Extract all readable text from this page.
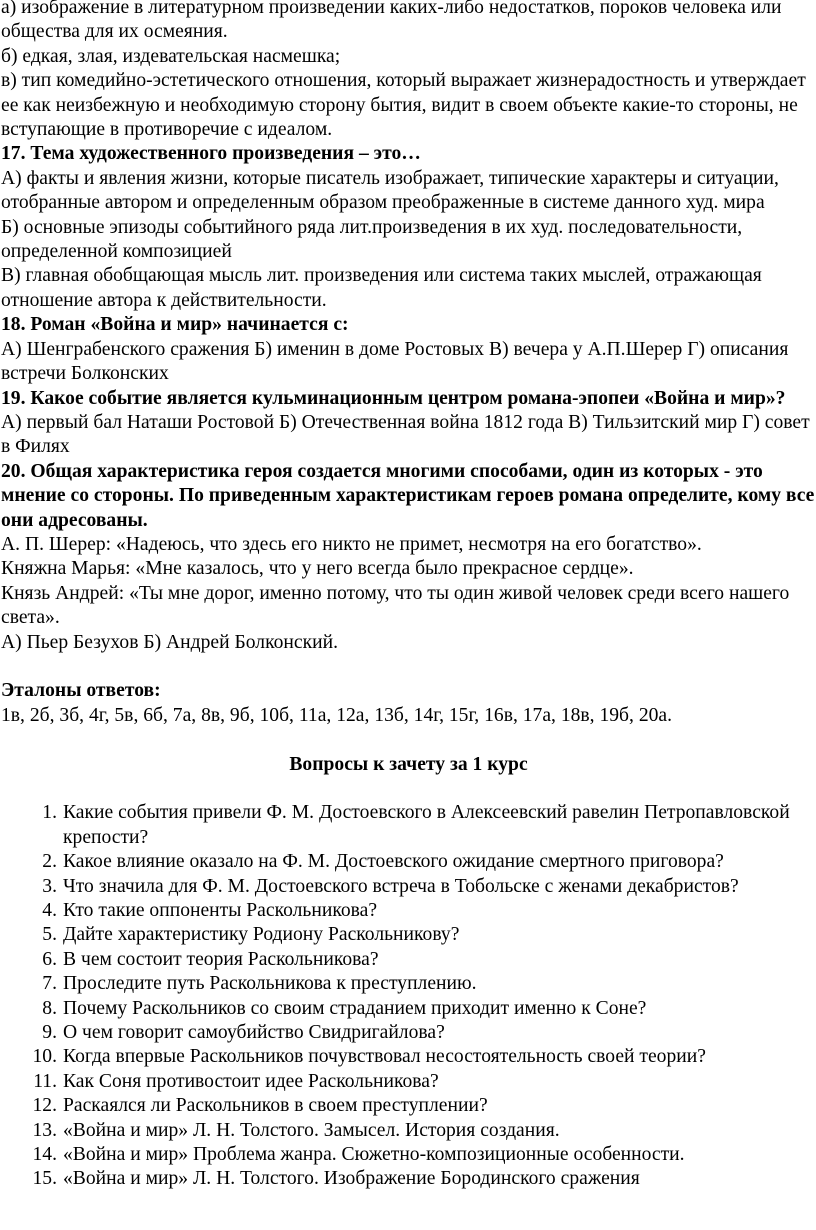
а) изображение в литературном произведении каких-либо недостатков, пороков человека или общества для их осмеяния.

б) едкая, злая, издевательская насмешка;

в) тип комедийно-эстетического отношения, который выражает жизнерадостность и утверждает ее как неизбежную и необходимую сторону бытия, видит в своем объекте какие-то стороны, не вступающие в противоречие с идеалом.

17. Тема художественного произведения – это…

А) факты и явления жизни, которые писатель изображает, типические характеры и ситуации, отобранные автором и определенным образом преображенные в системе данного худ. мира

Б) основные эпизоды событийного ряда лит.произведения в их худ. последовательности, определенной композицией

В) главная обобщающая мысль лит. произведения или система таких мыслей, отражающая отношение автора к действительности.

18. Роман «Война и мир» начинается с:

А) Шенграбенского сражения Б) именин в доме Ростовых В) вечера у А.П.Шерер Г) описания встречи Болконских

19. Какое событие является кульминационным центром романа-эпопеи «Война и мир»?

А) первый бал Наташи Ростовой Б) Отечественная война 1812 года В) Тильзитский мир Г) совет в Филях

20. Общая характеристика героя создается многими способами, один из которых - это мнение со стороны. По приведенным характеристикам героев романа определите, кому все они адресованы.

А. П. Шерер: «Надеюсь, что здесь его никто не примет, несмотря на его богатство».

Княжна Марья: «Мне казалось, что у него всегда было прекрасное сердце».

Князь Андрей: «Ты мне дорог, именно потому, что ты один живой человек среди всего нашего света».

А) Пьер Безухов Б) Андрей Болконский.

Эталоны ответов:

1в, 2б, 3б, 4г, 5в, 6б, 7а, 8в, 9б, 10б, 11а, 12а, 13б, 14г, 15г, 16в, 17а, 18в, 19б, 20а.

Вопросы к зачету за 1 курс

1. Какие события привели Ф. М. Достоевского в Алексеевский равелин Петропавловской крепости?
2. Какое влияние оказало на Ф. М. Достоевского ожидание смертного приговора?
3. Что значила для Ф. М. Достоевского встреча в Тобольске с женами декабристов?
4. Кто такие оппоненты Раскольникова?
5. Дайте характеристику Родиону Раскольникову?
6. В чем состоит теория Раскольникова?
7. Проследите путь Раскольникова к преступлению.
8. Почему Раскольников со своим страданием приходит именно к Соне?
9. О чем говорит самоубийство Свидригайлова?
10. Когда впервые Раскольников почувствовал несостоятельность своей теории?
11. Как Соня противостоит идее Раскольникова?
12. Раскаялся ли Раскольников в своем преступлении?
13. «Война и мир» Л. Н. Толстого. Замысел. История создания.
14. «Война и мир» Проблема жанра. Сюжетно-композиционные особенности.
15. «Война и мир» Л. Н. Толстого. Изображение Бородинского сражения
